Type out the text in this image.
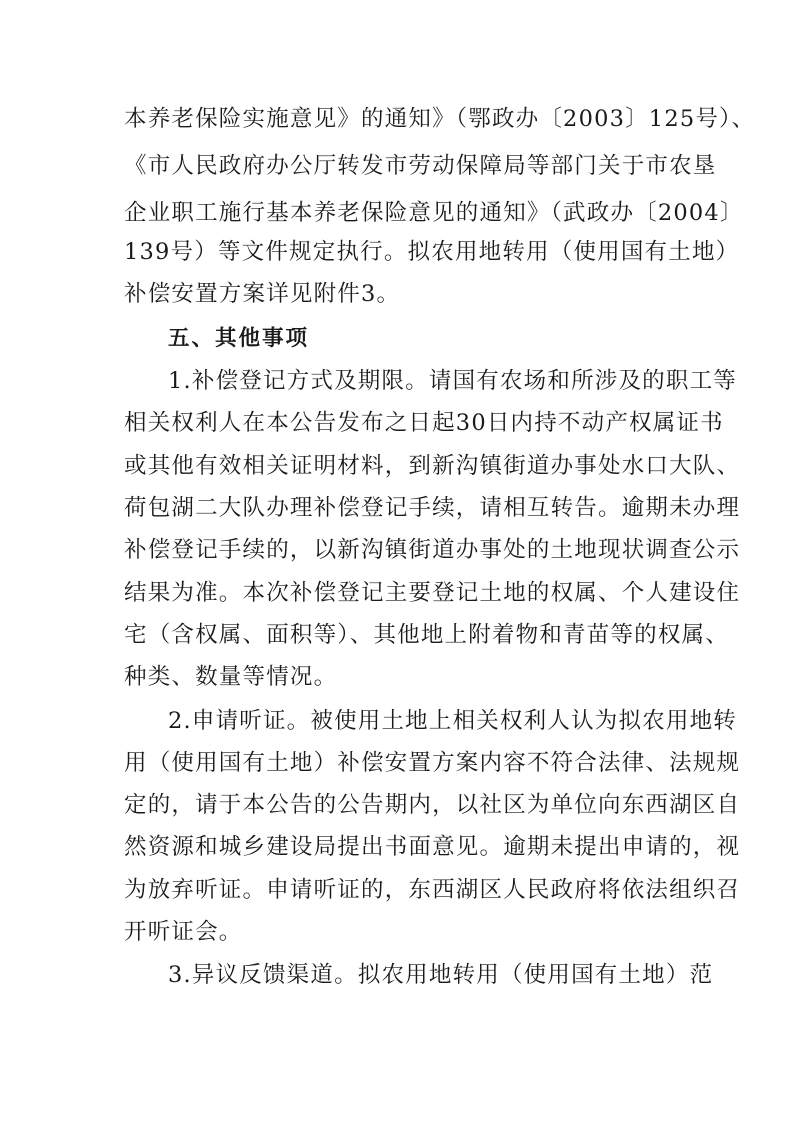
本养老保险实施意见》的通知》（鄂政办〔2003〕125号）、
《市人民政府办公厅转发市劳动保障局等部门关于市农垦
企业职工施行基本养老保险意见的通知》（武政办〔2004〕
139号）等文件规定执行。拟农用地转用（使用国有土地）
补偿安置方案详见附件3。
五、其他事项
1.补偿登记方式及期限。请国有农场和所涉及的职工等
相关权利人在本公告发布之日起30日内持不动产权属证书
或其他有效相关证明材料，到新沟镇街道办事处水口大队、
荷包湖二大队办理补偿登记手续，请相互转告。逾期未办理
补偿登记手续的，以新沟镇街道办事处的土地现状调查公示
结果为准。本次补偿登记主要登记土地的权属、个人建设住
宅（含权属、面积等）、其他地上附着物和青苗等的权属、
种类、数量等情况。
2.申请听证。被使用土地上相关权利人认为拟农用地转
用（使用国有土地）补偿安置方案内容不符合法律、法规规
定的，请于本公告的公告期内，以社区为单位向东西湖区自
然资源和城乡建设局提出书面意见。逾期未提出申请的，视
为放弃听证。申请听证的，东西湖区人民政府将依法组织召
开听证会。
3.异议反馈渠道。拟农用地转用（使用国有土地）范
